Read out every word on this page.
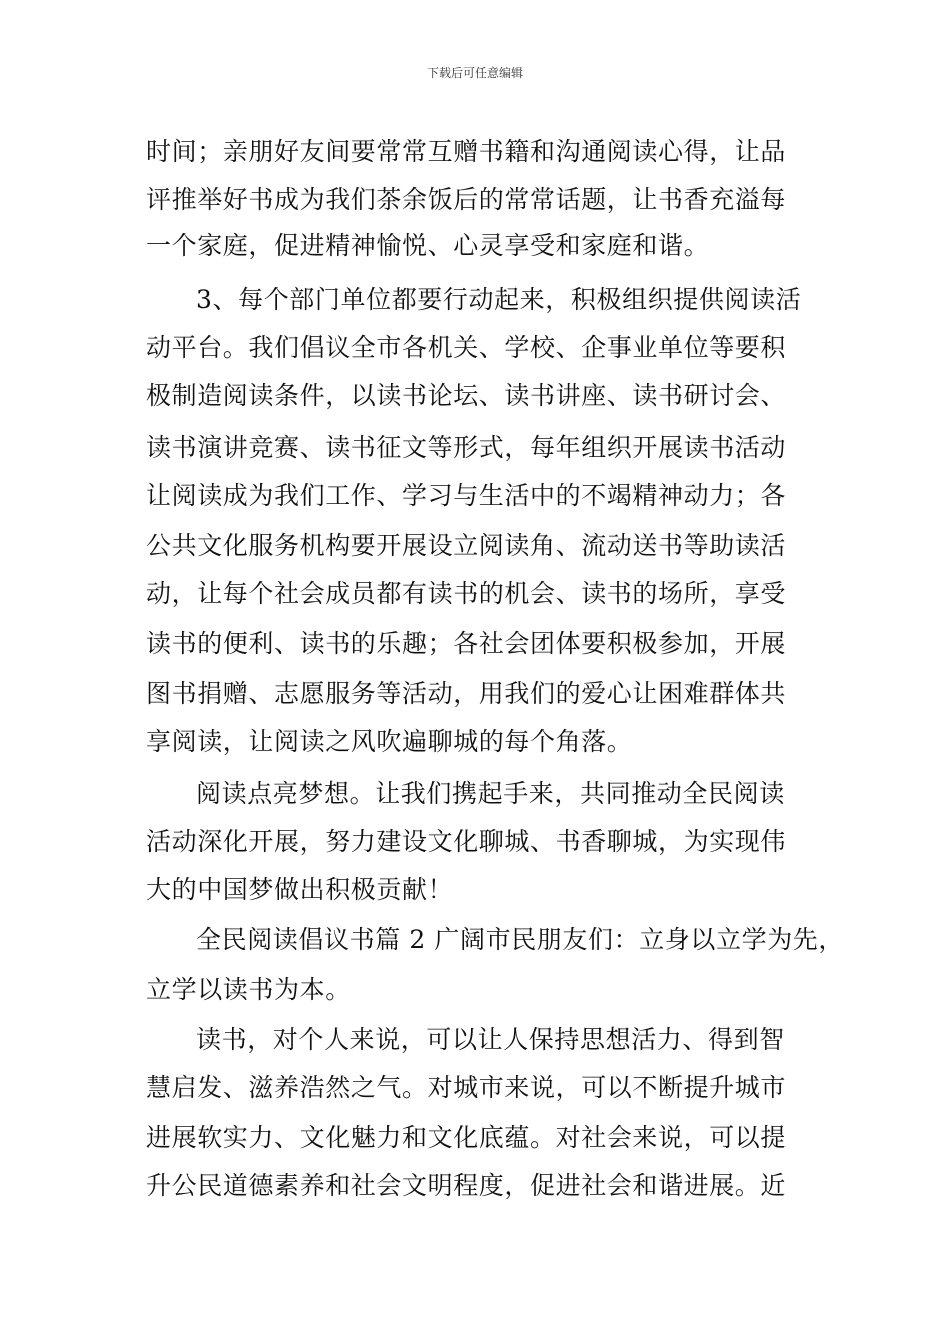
下载后可任意编辑
时间；亲朋好友间要常常互赠书籍和沟通阅读心得，让品
评推举好书成为我们茶余饭后的常常话题，让书香充溢每
一个家庭，促进精神愉悦、心灵享受和家庭和谐。
3、每个部门单位都要行动起来，积极组织提供阅读活
动平台。我们倡议全市各机关、学校、企事业单位等要积
极制造阅读条件，以读书论坛、读书讲座、读书研讨会、
读书演讲竞赛、读书征文等形式，每年组织开展读书活动
让阅读成为我们工作、学习与生活中的不竭精神动力；各
公共文化服务机构要开展设立阅读角、流动送书等助读活
动，让每个社会成员都有读书的机会、读书的场所，享受
读书的便利、读书的乐趣；各社会团体要积极参加，开展
图书捐赠、志愿服务等活动，用我们的爱心让困难群体共
享阅读，让阅读之风吹遍聊城的每个角落。
阅读点亮梦想。让我们携起手来，共同推动全民阅读
活动深化开展，努力建设文化聊城、书香聊城，为实现伟
大的中国梦做出积极贡献！
全民阅读倡议书篇 2 广阔市民朋友们：立身以立学为先，
立学以读书为本。
读书，对个人来说，可以让人保持思想活力、得到智
慧启发、滋养浩然之气。对城市来说，可以不断提升城市
进展软实力、文化魅力和文化底蕴。对社会来说，可以提
升公民道德素养和社会文明程度，促进社会和谐进展。近
